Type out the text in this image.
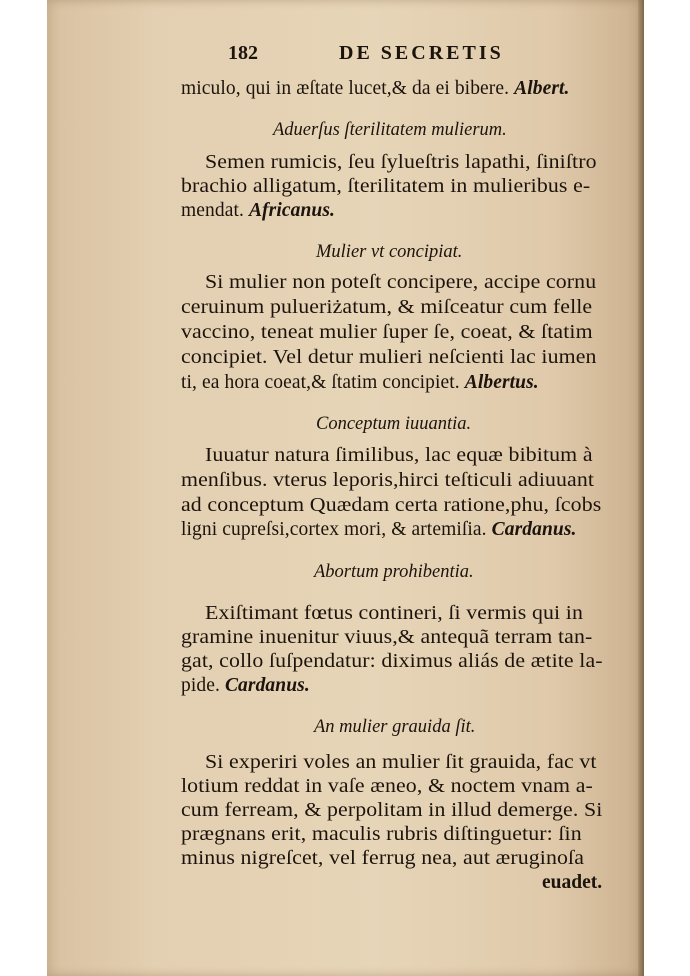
182	DE SECRETIS
miculo, qui in æſtate lucet,& da ei bibere. Albert.
Aduerſus ſterilitatem mulierum.
Semen rumicis, ſeu ſylueſtris lapathi, ſiniſtro
brachio alligatum, ſterilitatem in mulieribus e-
mendat. Africanus.
Mulier vt concipiat.
Si mulier non poteſt concipere, accipe cornu
ceruinum pulueriżatum, & miſceatur cum felle
vaccino, teneat mulier ſuper ſe, coeat, & ſtatim
concipiet. Vel detur mulieri neſcienti lac iumen
ti, ea hora coeat,& ſtatim concipiet. Albertus.
Conceptum iuuantia.
Iuuatur natura ſimilibus, lac equæ bibitum à
menſibus. vterus leporis,hirci teſticuli adiuuant
ad conceptum Quædam certa ratione,phu, ſcobs
ligni cupreſsi,cortex mori, & artemiſia. Cardanus.
Abortum prohibentia.
Exiſtimant fœtus contineri, ſi vermis qui in
gramine inuenitur viuus,& antequã terram tan-
gat, collo ſuſpendatur: diximus aliás de ætite la-
pide. Cardanus.
An mulier grauida ſit.
Si experiri voles an mulier ſit grauida, fac vt
lotium reddat in vaſe æneo, & noctem vnam a-
cum ferream, & perpolitam in illud demerge. Si
prægnans erit, maculis rubris diſtinguetur: ſin
minus nigreſcet, vel ferrug nea, aut æruginoſa
euadet.
